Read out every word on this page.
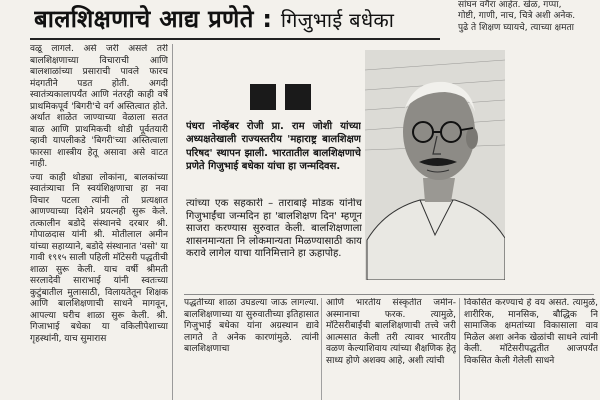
बालशिक्षणाचे आद्य प्रणेते : गिजुभाई बधेका

सांघन वगैरा आहेत. खेळ, गप्पा,

गोष्टी, गाणी, नाच, चित्रे अशी अनेक.

पुढे ते शिक्षण घ्यायचे, त्याच्या क्षमता

वळू लागले. असे जरी असले तरी बालशिक्षणाच्या विचाराची आणि बालशाळांच्या प्रसाराची पावले फारच मंदगतीने पडत होती. अगदी स्वातंत्र्यकालापर्यंत आणि नंतरही काही वर्षे प्राथमिकपूर्व 'बिगरी'चे वर्ग अस्तित्वात होते. अर्थात शाळेत जाण्याच्या वेळाला सतत बाळ आणि प्राथमिकची थोडी पूर्वतयारी व्हावी यापलीकडे 'बिगरी'च्या अस्तित्वाला फारसा शास्त्रीय हेतू असावा असे वाटत नाही.

ज्या काही थोड्या लोकांना, बालकांच्या स्वातंत्र्याचा नि स्वयंशिक्षणाचा हा नवा विचार पटला त्यांनी तो प्रत्यक्षात आणण्याच्या दिशेने प्रयत्नही सुरू केले. तत्कालीन बडोदे संस्थानचे दरबार श्री. गोपाळदास यांनी श्री. मोतीलाल अमीन यांच्या सहाय्याने, बडोदे संस्थानात 'वसो' या गावी १९१५ साली पहिली मॉटेसरी पद्धतीची शाळा सुरू केली. याच वर्षी श्रीमती सरलादेवी साराभाई यांनी स्वतःच्या कुटुंबातील मुलासाठी, विलायतेतून शिक्षक आणि बालशिक्षणाची साधने मागवून, आपल्या घरीच शाळा सुरू केली. श्री. गिजाभाई बधेका या वकिलीपेशाच्या गृहस्थांनी, याच सुमारास

पंधरा नोव्हेंबर रोजी प्रा. राम जोशी यांच्या अध्यक्षतेखाली राज्यस्तरीय 'महाराष्ट्र बालशिक्षण परिषद' स्थापन झाली. भारतातील बालशिक्षणाचे प्रणेते गिजुभाई बधेका यांचा हा जन्मदिवस.

त्यांच्या एक सहकारी – ताराबाई मोडक यांनीच गिजुभाईंचा जन्मदिन हा 'बालशिक्षण दिन' म्हणून साजरा करण्यास सुरुवात केली. बालशिक्षणाला शासनमान्यता नि लोकमान्यता मिळण्यासाठी काय करावे लागेल याचा यानिमित्ताने हा ऊहापोह.

पद्धतीच्या शाळा उघडल्या जाऊ लागल्या. बालशिक्षणाच्या या सुरुवातीच्या इतिहासात गिजुभाई बधेका यांना अग्रस्थान द्यावे लागते ते अनेक कारणांमुळे. त्यांनी बालशिक्षणाचा

आणि भारतीय संस्कृतीत जमीन-अस्मानाचा फरक. त्यामुळे, मॉटेसरीबाईंची बालशिक्षणाची तत्त्वे जरी आत्मसात केली तरी त्यावर भारतीय वळण केल्याशिवाय त्यांच्या शैक्षणिक हेतू साध्य होणे अशक्य आहे, अशी त्यांची

विकसित करण्याचे हे वय असते. त्यामुळे, शारीरिक, मानसिक, बौद्धिक नि सामाजिक क्षमतांच्या विकासाला वाव मिळेल अशा अनेक खेळांची साधने त्यांनी केली. मॉटेसरीपद्धतीत आजपर्यंत विकसित केली गेलेली साधने
